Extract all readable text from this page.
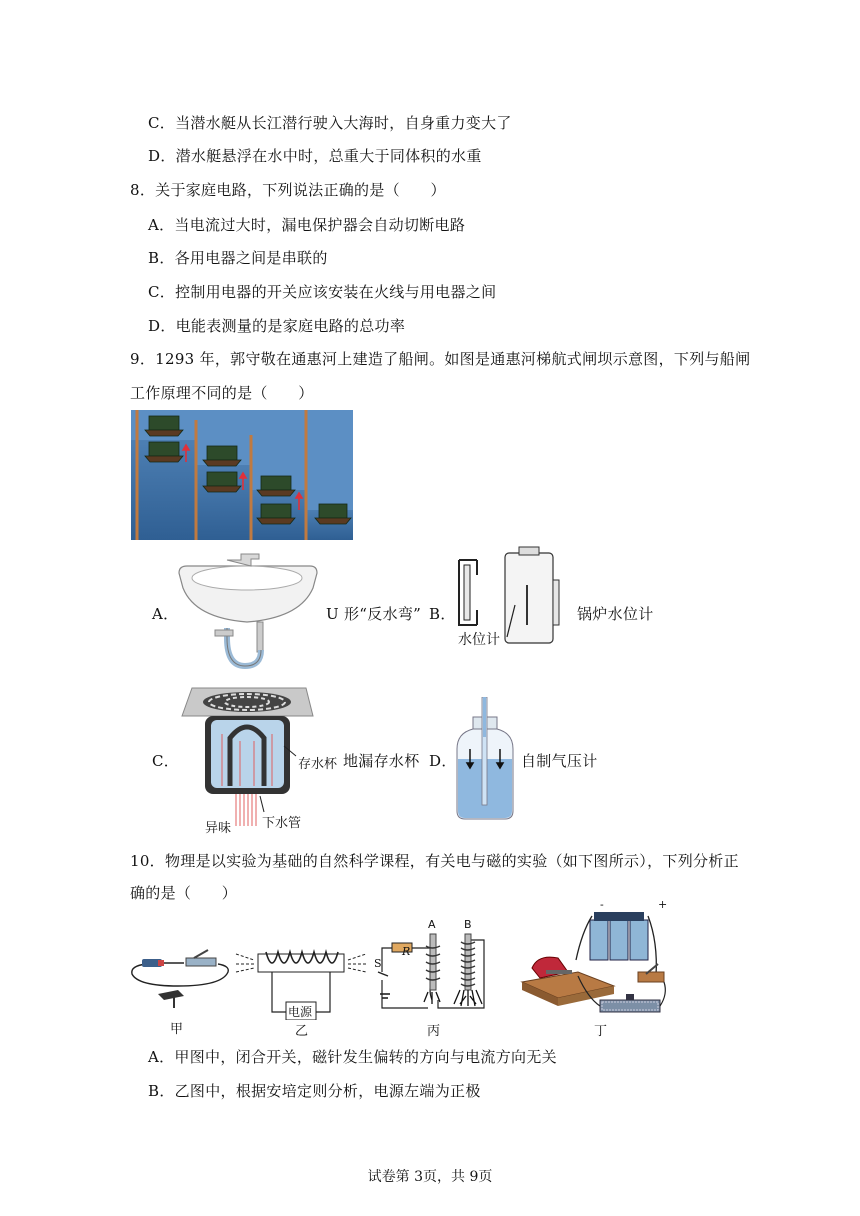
C．当潜水艇从长江潜行驶入大海时，自身重力变大了
D．潜水艇悬浮在水中时，总重大于同体积的水重
8．关于家庭电路，下列说法正确的是（　　）
A．当电流过大时，漏电保护器会自动切断电路
B．各用电器之间是串联的
C．控制用电器的开关应该安装在火线与用电器之间
D．电能表测量的是家庭电路的总功率
9．1293 年，郭守敬在通惠河上建造了船闸。如图是通惠河梯航式闸坝示意图，下列与船闸
工作原理不同的是（　　）
A．	U 形“反水弯” B．
水位计
锅炉水位计
C．	存水杯
异味 下水管
地漏存水杯 D．	自制气压计
10．物理是以实验为基础的自然科学课程，有关电与磁的实验（如下图所示），下列分析正
确的是（　　）
甲
电源
乙
A	B
R
S
丙
-	+
丁
A．甲图中，闭合开关，磁针发生偏转的方向与电流方向无关
B．乙图中，根据安培定则分析，电源左端为正极
试卷第 3页，共 9页
